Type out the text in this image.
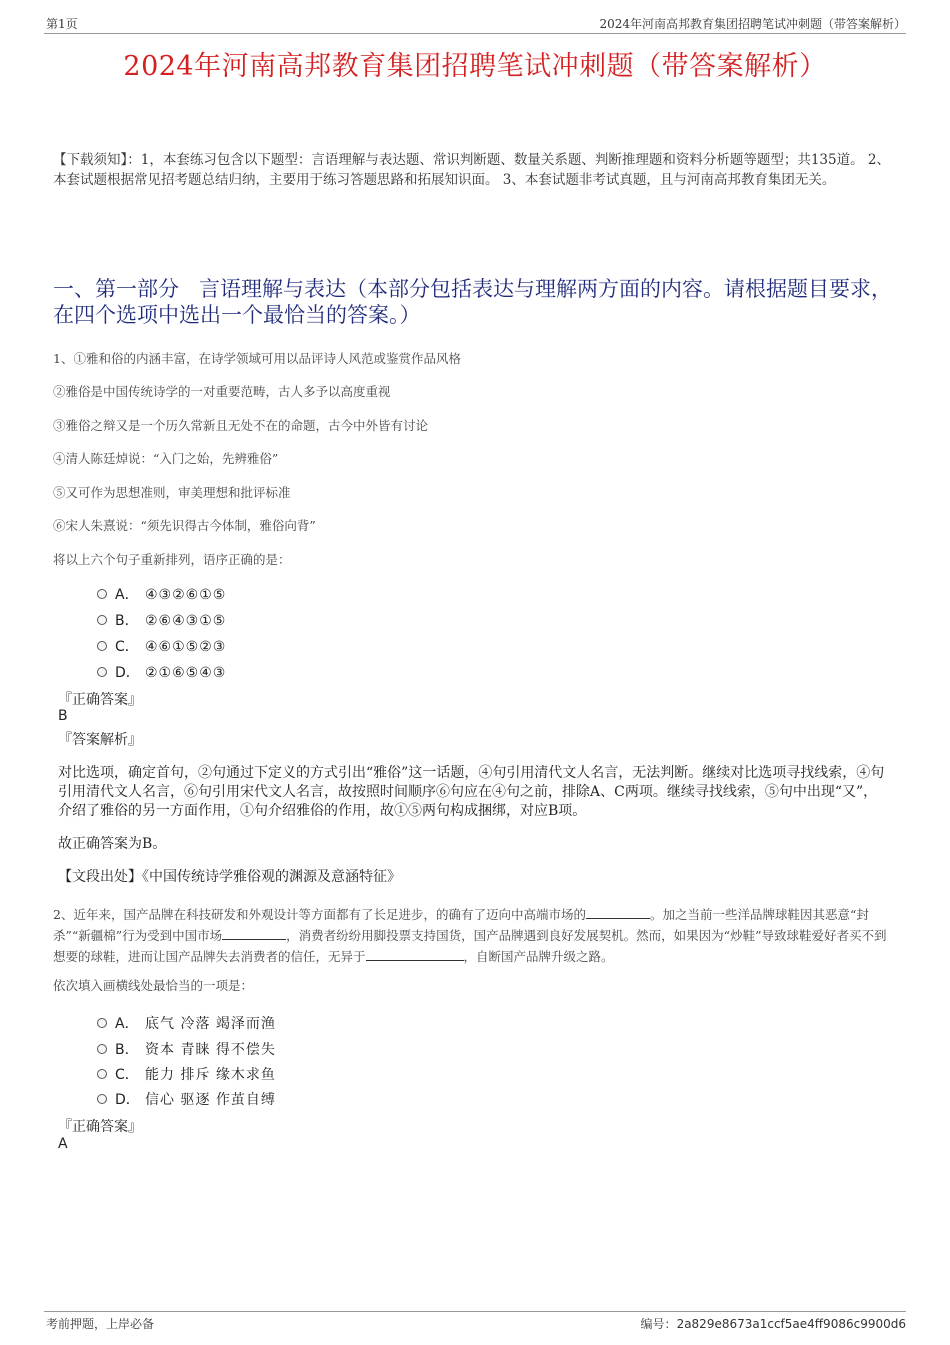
第1页	2024年河南高邦教育集团招聘笔试冲刺题（带答案解析）
2024年河南高邦教育集团招聘笔试冲刺题（带答案解析）
【下载须知】：1，本套练习包含以下题型：言语理解与表达题、常识判断题、数量关系题、判断推理题和资料分析题等题型；共135道。 2、本套试题根据常见招考题总结归纳，主要用于练习答题思路和拓展知识面。 3、本套试题非考试真题，且与河南高邦教育集团无关。
一、第一部分 言语理解与表达（本部分包括表达与理解两方面的内容。请根据题目要求，在四个选项中选出一个最恰当的答案。）
1、①雅和俗的内涵丰富，在诗学领域可用以品评诗人风范或鉴赏作品风格
②雅俗是中国传统诗学的一对重要范畴，古人多予以高度重视
③雅俗之辩又是一个历久常新且无处不在的命题，古今中外皆有讨论
④清人陈廷焯说：“入门之始，先辨雅俗”
⑤又可作为思想准则，审美理想和批评标准
⑥宋人朱熹说：“须先识得古今体制，雅俗向背”
将以上六个句子重新排列，语序正确的是：
A． ④③②⑥①⑤
B． ②⑥④③①⑤
C． ④⑥①⑤②③
D． ②①⑥⑤④③
『正确答案』
B
『答案解析』
对比选项，确定首句，②句通过下定义的方式引出“雅俗”这一话题，④句引用清代文人名言，无法判断。继续对比选项寻找线索，④句引用清代文人名言，⑥句引用宋代文人名言，故按照时间顺序⑥句应在④句之前，排除A、C两项。继续寻找线索，⑤句中出现“又”，介绍了雅俗的另一方面作用，①句介绍雅俗的作用，故①⑤两句构成捆绑，对应B项。
故正确答案为B。
【文段出处】《中国传统诗学雅俗观的渊源及意涵特征》
2、近年来，国产品牌在科技研发和外观设计等方面都有了长足进步，的确有了迈向中高端市场的	。加之当前一些洋品牌球鞋因其恶意“封杀”“新疆棉”行为受到中国市场	，消费者纷纷用脚投票支持国货，国产品牌遇到良好发展契机。然而，如果因为“炒鞋”导致球鞋爱好者买不到想要的球鞋，进而让国产品牌失去消费者的信任，无异于	，自断国产品牌升级之路。
依次填入画横线处最恰当的一项是：
A． 底气 冷落 竭泽而渔
B． 资本 青睐 得不偿失
C． 能力 排斥 缘木求鱼
D． 信心 驱逐 作茧自缚
『正确答案』
A
考前押题，上岸必备	编号：2a829e8673a1ccf5ae4ff9086c9900d6
